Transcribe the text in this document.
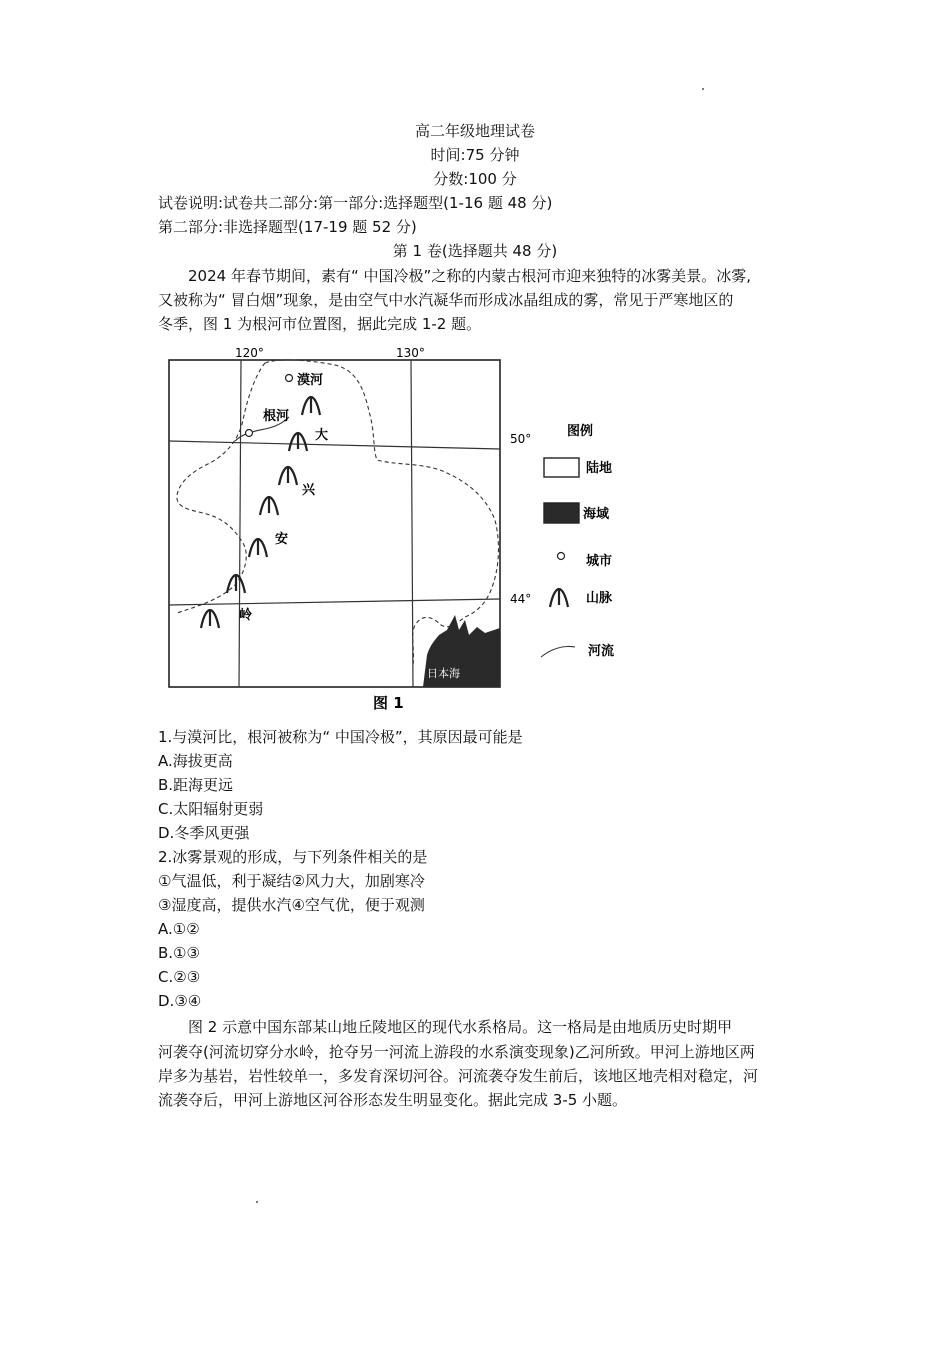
高二年级地理试卷
时间:75 分钟
分数:100 分
试卷说明:试卷共二部分:第一部分:选择题型(1-16 题 48 分)
第二部分:非选择题型(17-19 题 52 分)
第 1 卷(选择题共 48 分)
2024 年春节期间，素有“ 中国冷极”之称的内蒙古根河市迎来独特的冰雾美景。冰雾,
又被称为“ 冒白烟”现象，是由空气中水汽凝华而形成冰晶组成的雾，常见于严寒地区的
冬季，图 1 为根河市位置图，据此完成 1-2 题。
120°	130°
50°
44°
日本海
漠河
根河
大
兴
安
岭
图例
陆地
海域
城市
山脉
河流
图 1
1.与漠河比，根河被称为“ 中国冷极”，其原因最可能是
A.海拔更高
B.距海更远
C.太阳辐射更弱
D.冬季风更强
2.冰雾景观的形成，与下列条件相关的是
①气温低，利于凝结②风力大，加剧寒冷
③湿度高，提供水汽④空气优，便于观测
A.①②
B.①③
C.②③
D.③④
图 2 示意中国东部某山地丘陵地区的现代水系格局。这一格局是由地质历史时期甲
河袭夺(河流切穿分水岭，抢夺另一河流上游段的水系演变现象)乙河所致。甲河上游地区两
岸多为基岩，岩性较单一，多发育深切河谷。河流袭夺发生前后，该地区地壳相对稳定，河
流袭夺后，甲河上游地区河谷形态发生明显变化。据此完成 3-5 小题。
